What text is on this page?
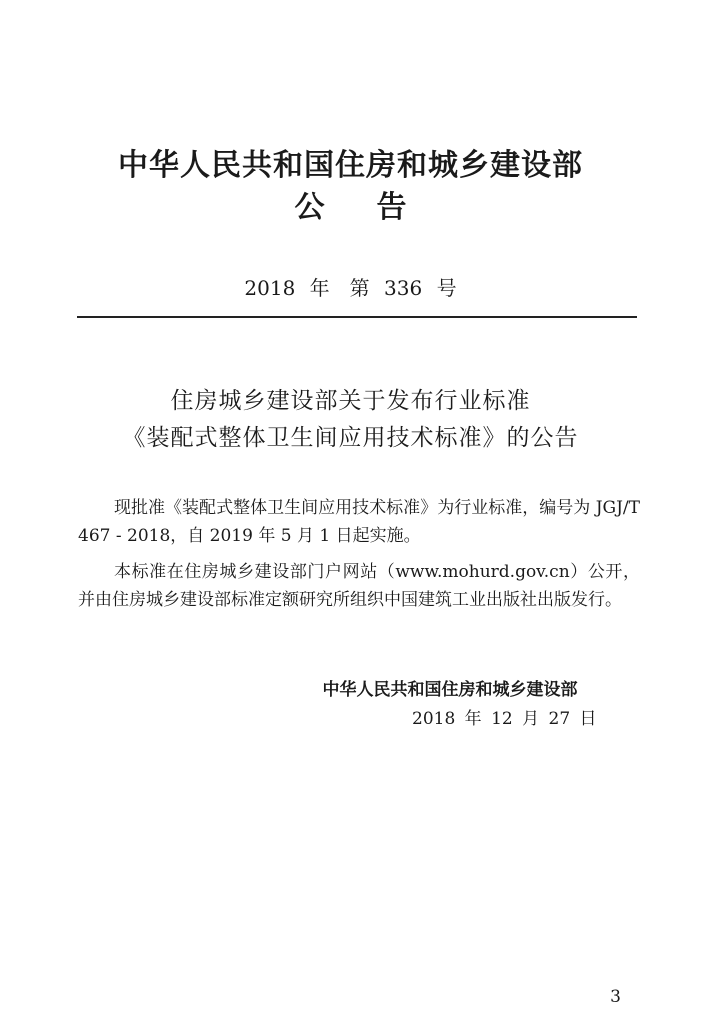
中华人民共和国住房和城乡建设部
公告
2018 年　第 336 号
住房城乡建设部关于发布行业标准
《装配式整体卫生间应用技术标准》的公告

现批准《装配式整体卫生间应用技术标准》为行业标准，编号为 JGJ/T 467 - 2018，自 2019 年 5 月 1 日起实施。

本标准在住房城乡建设部门户网站（www.mohurd.gov.cn）公开，并由住房城乡建设部标准定额研究所组织中国建筑工业出版社出版发行。

中华人民共和国住房和城乡建设部
2018 年 12 月 27 日
3
